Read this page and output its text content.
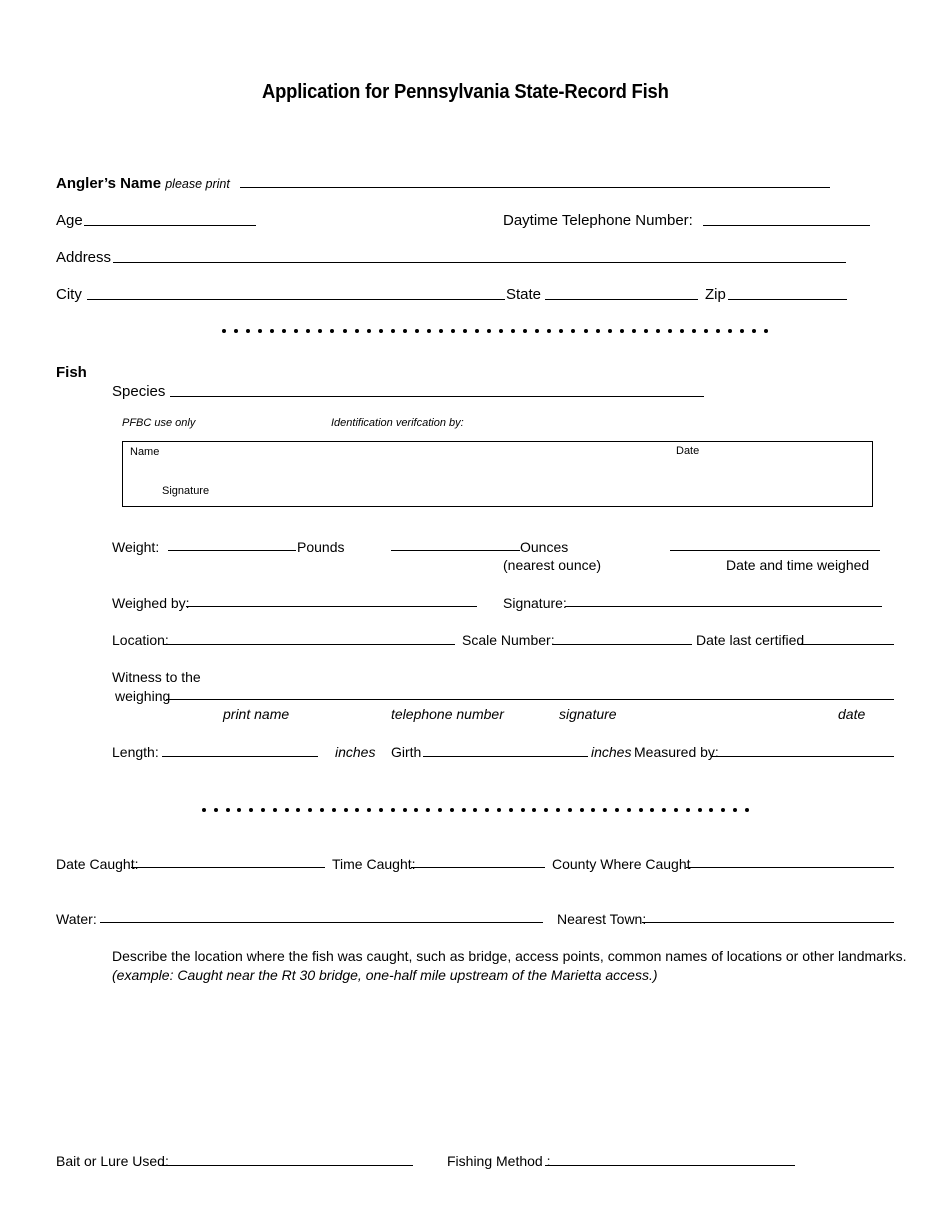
Application for Pennsylvania State-Record Fish
Angler’s Name please print
Age	Daytime Telephone Number:
Address
City	State	Zip
Fish
Species
PFBC use only	Identification verifcation by:
Name	Date
Signature
Weight:	Pounds	Ounces
(nearest ounce)	Date and time weighed
Weighed by:	Signature:
Location:	Scale Number:	Date last certified
Witness to the
weighing
print name	telephone number	signature	date
Length:	inches Girth	inches Measured by:
Date Caught:	Time Caught:	County Where Caught
Water:	Nearest Town:
Describe the location where the fish was caught, such as bridge, access points, common names of locations or other landmarks.
(example: Caught near the Rt 30 bridge, one-half mile upstream of the Marietta access.)
Bait or Lure Used:	Fishing Method :
